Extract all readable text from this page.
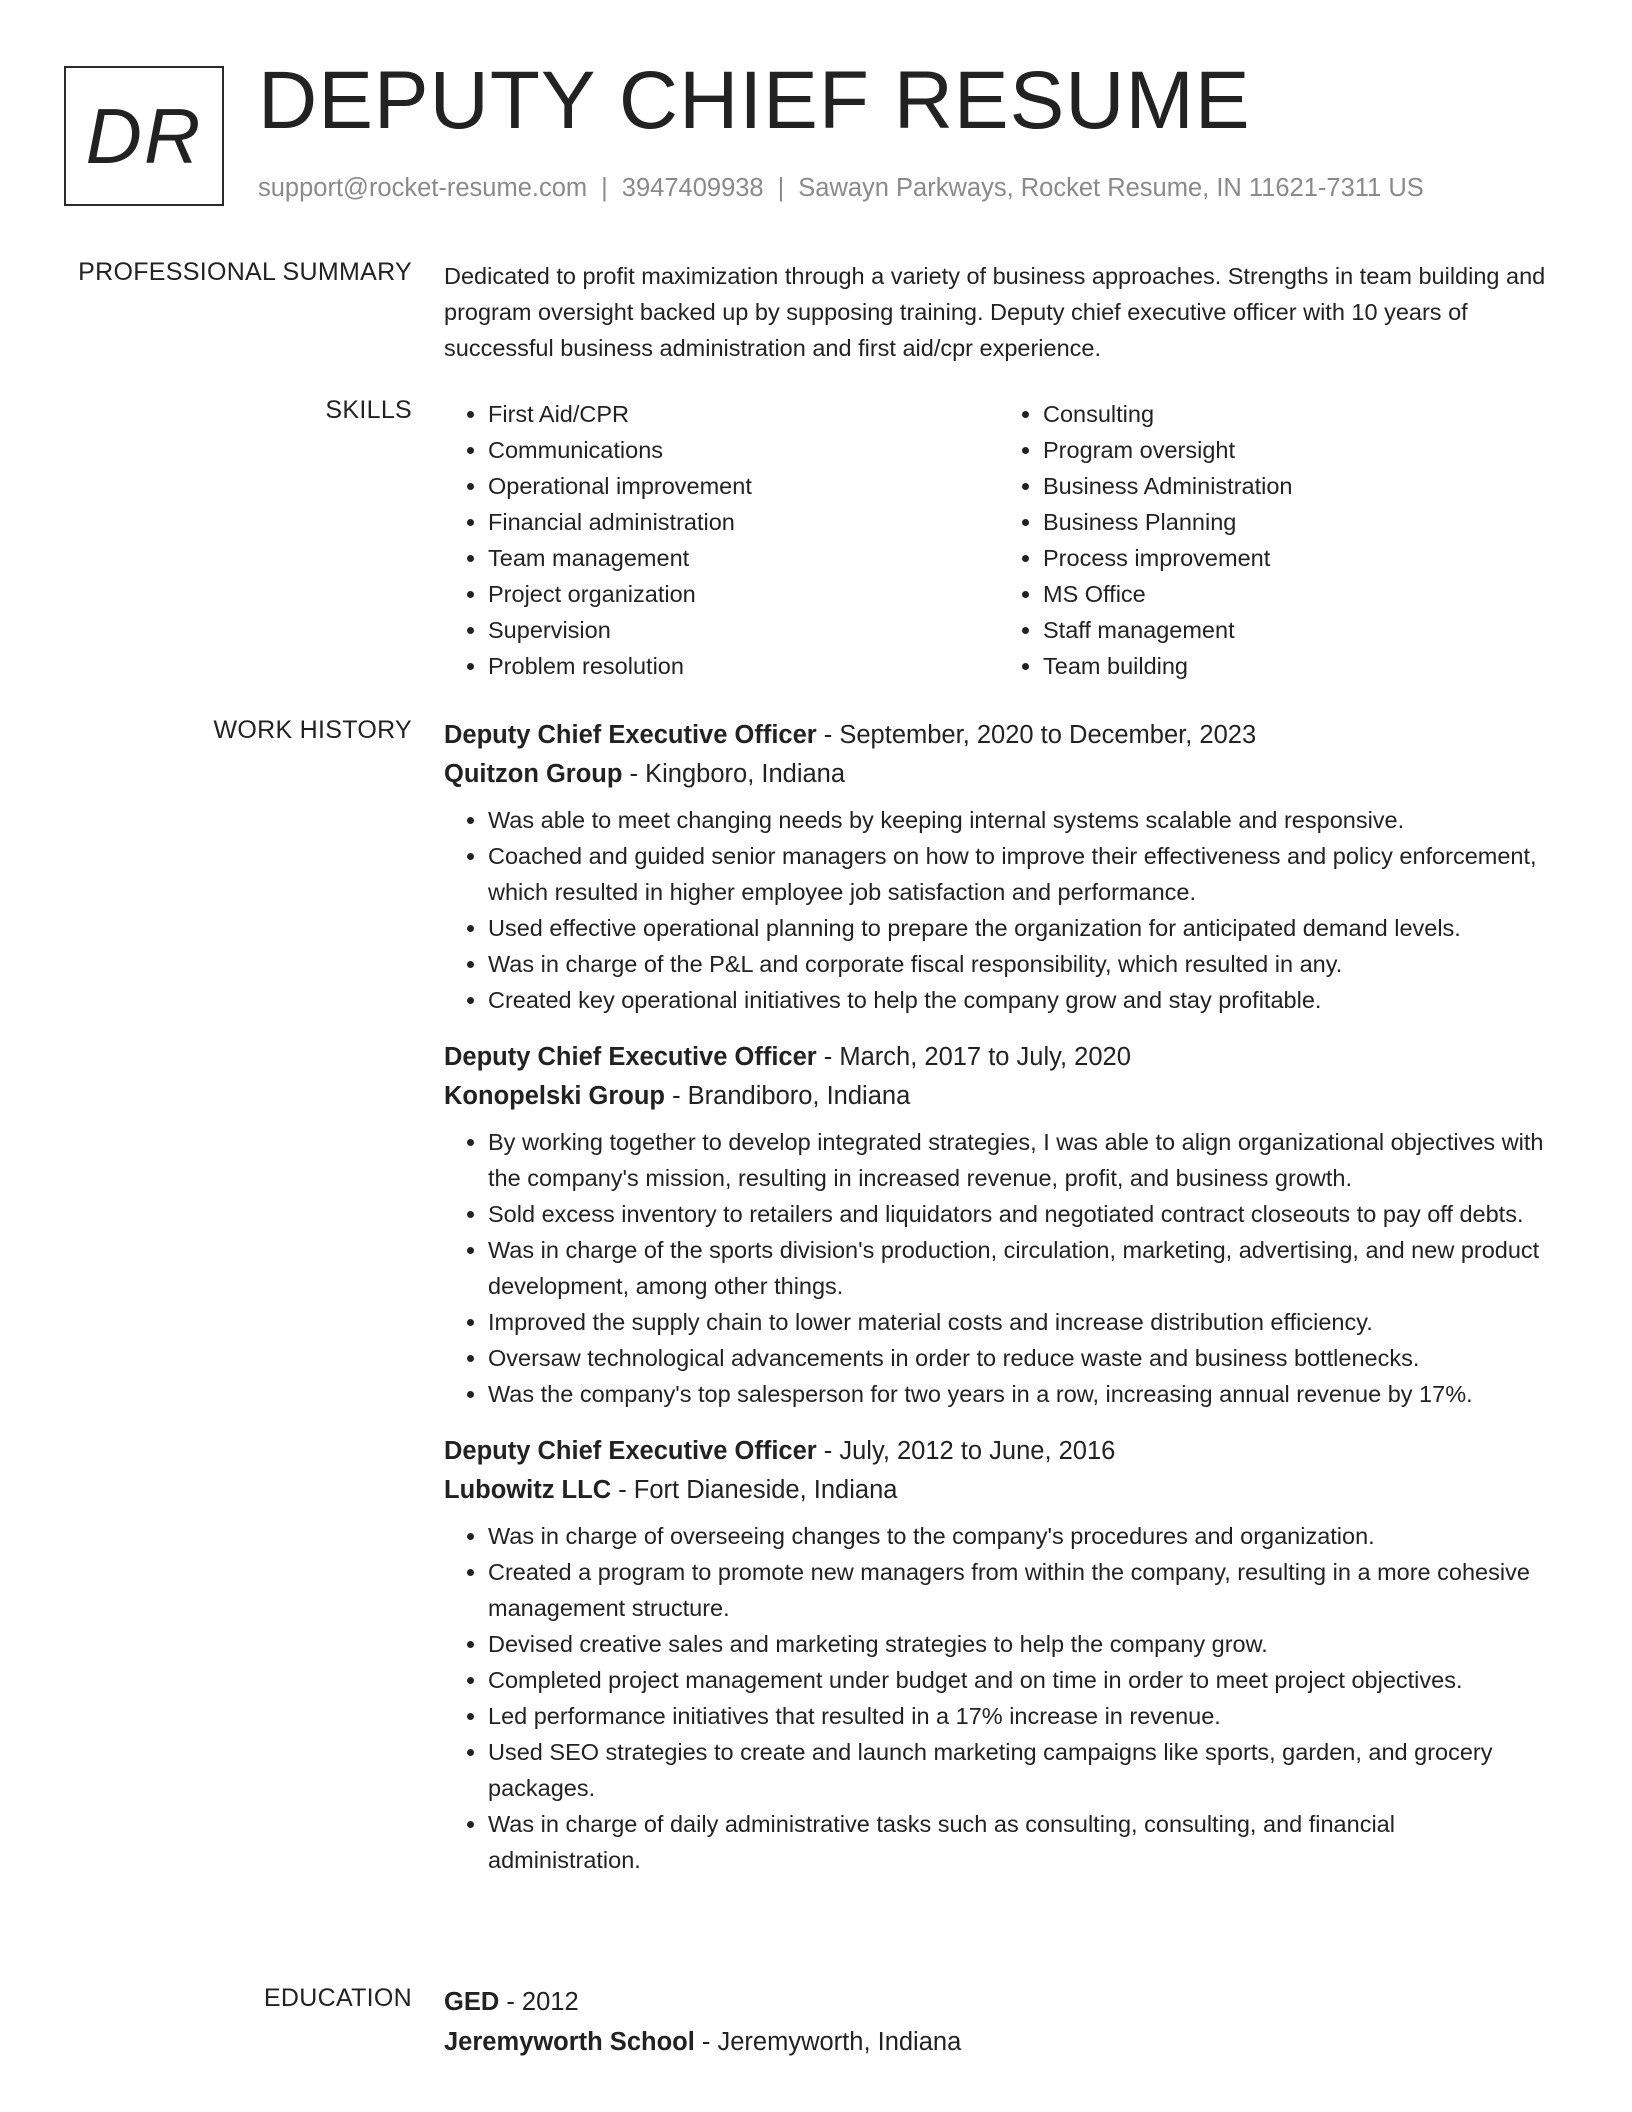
DR DEPUTY CHIEF RESUME
support@rocket-resume.com | 3947409938 | Sawayn Parkways, Rocket Resume, IN 11621-7311 US
PROFESSIONAL SUMMARY Dedicated to profit maximization through a variety of business approaches. Strengths in team building and program oversight backed up by supposing training. Deputy chief executive officer with 10 years of successful business administration and first aid/cpr experience.

SKILLS
•	First Aid/CPR
• Communications
• Operational improvement
• Financial administration
• Team management
• Project organization
• Supervision
• Problem resolution
• Consulting
• Program oversight
• Business Administration
• Business Planning
• Process improvement
• MS Office
• Staff management
• Team building
WORK HISTORY Deputy Chief Executive Officer - September, 2020 to December, 2023
Quitzon Group - Kingboro, Indiana
• Was able to meet changing needs by keeping internal systems scalable and responsive.
• Coached and guided senior managers on how to improve their effectiveness and policy enforcement, which resulted in higher employee job satisfaction and performance.
• Used effective operational planning to prepare the organization for anticipated demand levels.
• Was in charge of the P&L and corporate fiscal responsibility, which resulted in any.
• Created key operational initiatives to help the company grow and stay profitable.
Deputy Chief Executive Officer - March, 2017 to July, 2020
Konopelski Group - Brandiboro, Indiana
• By working together to develop integrated strategies, I was able to align organizational objectives with the company's mission, resulting in increased revenue, profit, and business growth.
• Sold excess inventory to retailers and liquidators and negotiated contract closeouts to pay off debts.
• Was in charge of the sports division's production, circulation, marketing, advertising, and new product development, among other things.
• Improved the supply chain to lower material costs and increase distribution efficiency.
• Oversaw technological advancements in order to reduce waste and business bottlenecks.
• Was the company's top salesperson for two years in a row, increasing annual revenue by 17%.
Deputy Chief Executive Officer - July, 2012 to June, 2016
Lubowitz LLC - Fort Dianeside, Indiana
• Was in charge of overseeing changes to the company's procedures and organization.
• Created a program to promote new managers from within the company, resulting in a more cohesive management structure.
• Devised creative sales and marketing strategies to help the company grow.
• Completed project management under budget and on time in order to meet project objectives.
• Led performance initiatives that resulted in a 17% increase in revenue.
• Used SEO strategies to create and launch marketing campaigns like sports, garden, and grocery packages.
• Was in charge of daily administrative tasks such as consulting, consulting, and financial administration.
EDUCATION GED - 2012
Jeremyworth School - Jeremyworth, Indiana
